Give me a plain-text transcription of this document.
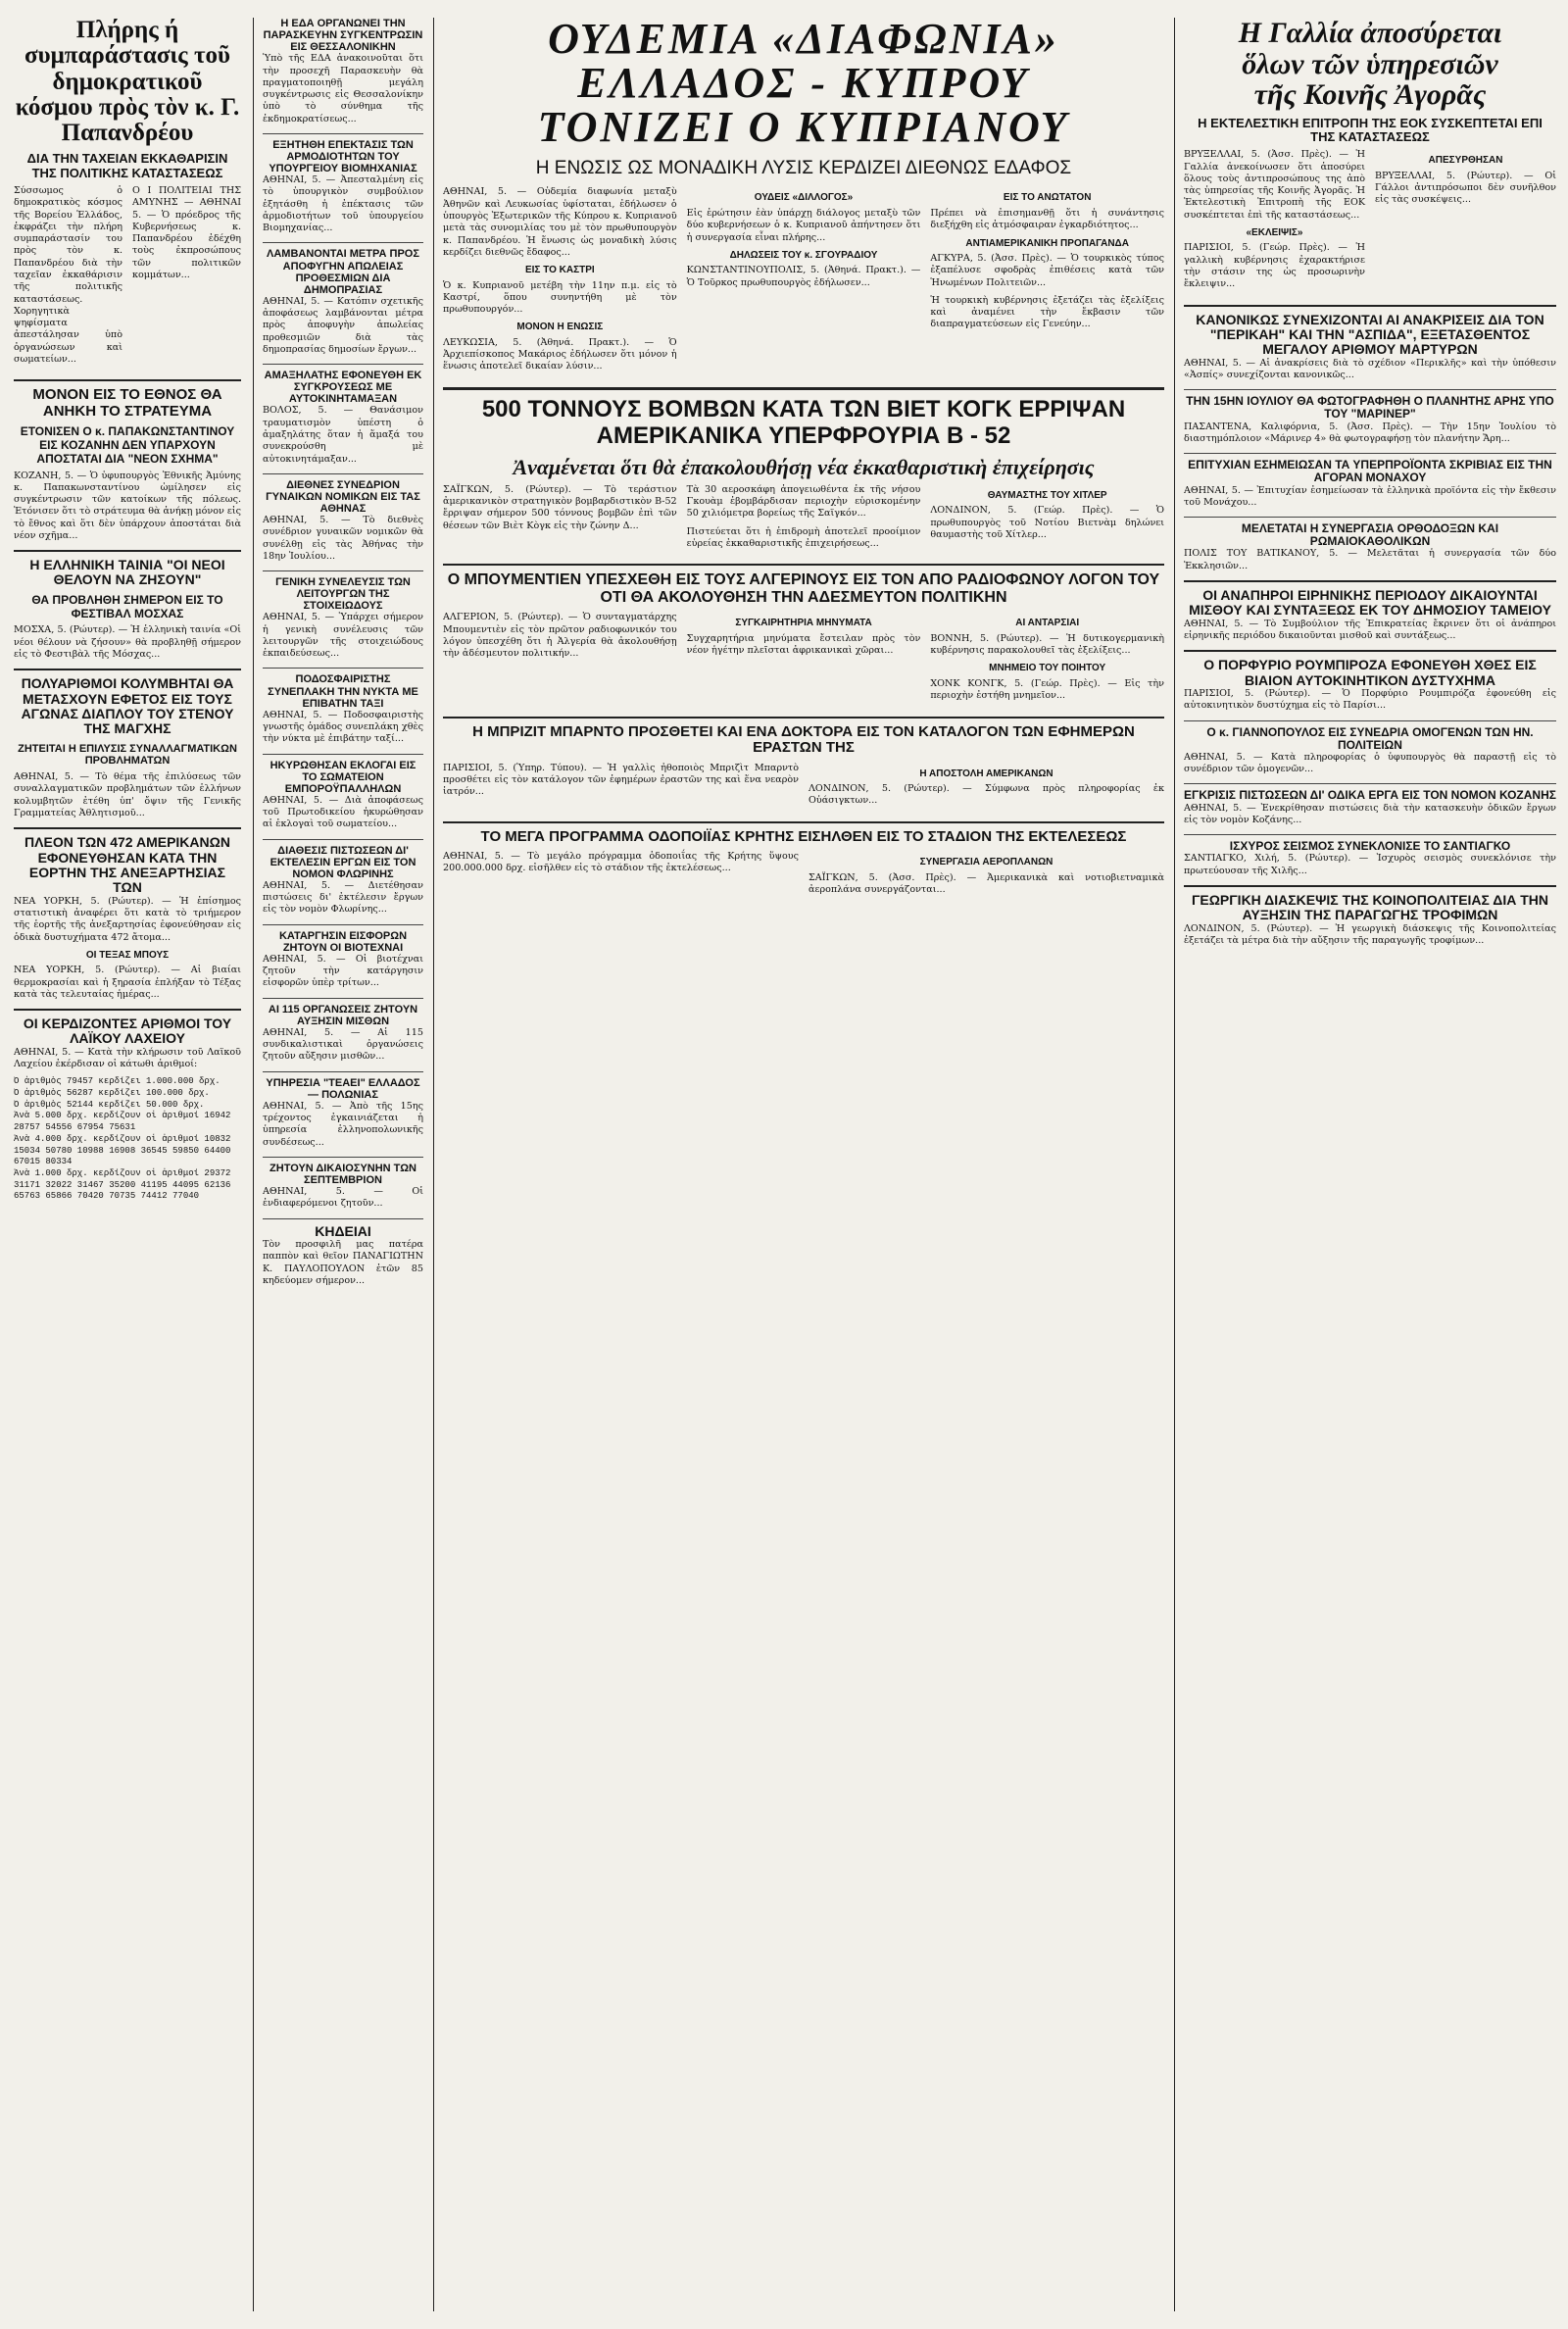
Πλήρης ή συμπαράστασις τοῦ δημοκρατικοῦ κόσμου πρὸς τὸν κ. Γ. Παπανδρέου

ΔΙΑ ΤΗΝ ΤΑΧΕΙΑΝ ΕΚΚΑΘΑΡΙΣΙΝ ΤΗΣ ΠΟΛΙΤΙΚΗΣ ΚΑΤΑΣΤΑΣΕΩΣ

Σύσσωμος ὁ δημοκρατικὸς κόσμος τῆς Βορείου Ἑλλάδος, ἐκφράζει τὴν πλήρη συμπαράστασίν του πρὸς τὸν κ. Παπανδρέου διὰ τὴν ταχεῖαν ἐκκαθάρισιν τῆς πολιτικῆς καταστάσεως. Χορηγητικὰ ψηφίσματα ἀπεστάλησαν ὑπὸ ὀργανώσεων καὶ σωματείων...

Ο Ι ΠΟΛΙΤΕΙΑΙ ΤΗΣ ΑΜΥΝΗΣ — ΑΘΗΝΑΙ 5. — Ὁ πρόεδρος τῆς Κυβερνήσεως κ. Παπανδρέου ἐδέχθη τοὺς ἐκπροσώπους τῶν πολιτικῶν κομμάτων...

ΜΟΝΟΝ ΕΙΣ ΤΟ ΕΘΝΟΣ ΘΑ ΑΝΗΚΗ ΤΟ ΣΤΡΑΤΕΥΜΑ

ΕΤΟΝΙΣΕΝ Ο κ. ΠΑΠΑΚΩΝΣΤΑΝΤΙΝΟΥ ΕΙΣ ΚΟΖΑΝΗΝ ΔΕΝ ΥΠΑΡΧΟΥΝ ΑΠΟΣΤΑΤΑΙ ΔΙΑ "ΝΕΟΝ ΣΧΗΜΑ"

ΚΟΖΑΝΗ, 5. — Ὁ ὑφυπουργὸς Ἐθνικῆς Ἀμύνης κ. Παπακωνσταντίνου ὡμίλησεν εἰς συγκέντρωσιν τῶν κατοίκων τῆς πόλεως. Ἐτόνισεν ὅτι τὸ στράτευμα θὰ ἀνήκῃ μόνον εἰς τὸ ἔθνος καὶ ὅτι δὲν ὑπάρχουν ἀποστάται διὰ νέον σχῆμα...

Η ΕΛΛΗΝΙΚΗ ΤΑΙΝΙΑ "ΟΙ ΝΕΟΙ ΘΕΛΟΥΝ ΝΑ ΖΗΣΟΥΝ"

ΘΑ ΠΡΟΒΛΗΘΗ ΣΗΜΕΡΟΝ ΕΙΣ ΤΟ ΦΕΣΤΙΒΑΛ ΜΟΣΧΑΣ

ΜΟΣΧΑ, 5. (Ρώυτερ). — Ἡ ἑλληνικὴ ταινία «Οἱ νέοι θέλουν νὰ ζήσουν» θὰ προβληθῇ σήμερον εἰς τὸ Φεστιβὰλ τῆς Μόσχας...

ΠΟΛΥΑΡΙΘΜΟΙ ΚΟΛΥΜΒΗΤΑΙ ΘΑ ΜΕΤΑΣΧΟΥΝ ΕΦΕΤΟΣ ΕΙΣ ΤΟΥΣ ΑΓΩΝΑΣ ΔΙΑΠΛΟΥ ΤΟΥ ΣΤΕΝΟΥ ΤΗΣ ΜΑΓΧΗΣ

ΖΗΤΕΙΤΑΙ Η ΕΠΙΛΥΣΙΣ ΣΥΝΑΛΛΑΓΜΑΤΙΚΩΝ ΠΡΟΒΛΗΜΑΤΩΝ

ΑΘΗΝΑΙ, 5. — Τὸ θέμα τῆς ἐπιλύσεως τῶν συναλλαγματικῶν προβλημάτων τῶν ἑλλήνων κολυμβητῶν ἐτέθη ὑπ' ὄψιν τῆς Γενικῆς Γραμματείας Ἀθλητισμοῦ...

ΠΛΕΟΝ ΤΩΝ 472 ΑΜΕΡΙΚΑΝΩΝ ΕΦΟΝΕΥΘΗΣΑΝ ΚΑΤΑ ΤΗΝ ΕΟΡΤΗΝ ΤΗΣ ΑΝΕΞΑΡΤΗΣΙΑΣ ΤΩΝ

ΝΕΑ ΥΟΡΚΗ, 5. (Ρώυτερ). — Ἡ ἐπίσημος στατιστικὴ ἀναφέρει ὅτι κατὰ τὸ τριήμερον τῆς ἑορτῆς τῆς ἀνεξαρτησίας ἐφονεύθησαν εἰς ὁδικὰ δυστυχήματα 472 ἄτομα...

ΟΙ ΤΕΞΑΣ ΜΠΟΥΣ

ΝΕΑ ΥΟΡΚΗ, 5. (Ρώυτερ). — Αἱ βιαίαι θερμοκρασίαι καὶ ἡ ξηρασία ἐπλήξαν τὸ Τέξας κατὰ τὰς τελευταίας ἡμέρας...

ΟΙ ΚΕΡΔΙΖΟΝΤΕΣ ΑΡΙΘΜΟΙ ΤΟΥ ΛΑΪΚΟΥ ΛΑΧΕΙΟΥ

ΑΘΗΝΑΙ, 5. — Κατὰ τὴν κλήρωσιν τοῦ Λαϊκοῦ Λαχείου ἐκέρδισαν οἱ κάτωθι ἀριθμοί:

Ὁ ἀριθμὸς 79457 κερδίζει 1.000.000 δρχ.

Ὁ ἀριθμὸς 56287 κερδίζει 100.000 δρχ.

Ὁ ἀριθμὸς 52144 κερδίζει 50.000 δρχ.

Ἀνὰ 5.000 δρχ. κερδίζουν οἱ ἀριθμοί 16942 28757 54556 67954 75631

Ἀνὰ 4.000 δρχ. κερδίζουν οἱ ἀριθμοί 10832 15034 50780 10988 16908 36545 59850 64400 67015 80334

Ἀνὰ 1.000 δρχ. κερδίζουν οἱ ἀριθμοί 29372 31171 32022 31467 35200 41195 44095 62136 65763 65866 70420 70735 74412 77040

Η ΕΔΑ ΟΡΓΑΝΩΝΕΙ ΤΗΝ ΠΑΡΑΣΚΕΥΗΝ ΣΥΓΚΕΝΤΡΩΣΙΝ ΕΙΣ ΘΕΣΣΑΛΟΝΙΚΗΝ

Ὑπὸ τῆς ΕΔΑ ἀνακοινοῦται ὅτι τὴν προσεχῆ Παρασκευὴν θὰ πραγματοποιηθῇ μεγάλη συγκέντρωσις εἰς Θεσσαλονίκην ὑπὸ τὸ σύνθημα τῆς ἐκδημοκρατίσεως...

ΕΞΗΤΗΘΗ ΕΠΕΚΤΑΣΙΣ ΤΩΝ ΑΡΜΟΔΙΟΤΗΤΩΝ ΤΟΥ ΥΠΟΥΡΓΕΙΟΥ ΒΙΟΜΗΧΑΝΙΑΣ

ΑΘΗΝΑΙ, 5. — Ἀπεσταλμένη εἰς τὸ ὑπουργικὸν συμβούλιον ἐξητάσθη ἡ ἐπέκτασις τῶν ἁρμοδιοτήτων τοῦ ὑπουργείου Βιομηχανίας...

ΛΑΜΒΑΝΟΝΤΑΙ ΜΕΤΡΑ ΠΡΟΣ ΑΠΟΦΥΓΗΝ ΑΠΩΛΕΙΑΣ ΠΡΟΘΕΣΜΙΩΝ ΔΙΑ ΔΗΜΟΠΡΑΣΙΑΣ

ΑΘΗΝΑΙ, 5. — Κατόπιν σχετικῆς ἀποφάσεως λαμβάνονται μέτρα πρὸς ἀποφυγὴν ἀπωλείας προθεσμιῶν διὰ τὰς δημοπρασίας δημοσίων ἔργων...

ΑΜΑΞΗΛΑΤΗΣ ΕΦΟΝΕΥΘΗ ΕΚ ΣΥΓΚΡΟΥΣΕΩΣ ΜΕ ΑΥΤΟΚΙΝΗΤΑΜΑΞΑΝ

ΒΟΛΟΣ, 5. — Θανάσιμον τραυματισμὸν ὑπέστη ὁ ἀμαξηλάτης ὅταν ἡ ἅμαξά του συνεκρούσθη μὲ αὐτοκινητάμαξαν...

ΔΙΕΘΝΕΣ ΣΥΝΕΔΡΙΟΝ ΓΥΝΑΙΚΩΝ ΝΟΜΙΚΩΝ ΕΙΣ ΤΑΣ ΑΘΗΝΑΣ

ΑΘΗΝΑΙ, 5. — Τὸ διεθνὲς συνέδριον γυναικῶν νομικῶν θὰ συνέλθῃ εἰς τὰς Ἀθήνας τὴν 18ην Ἰουλίου...

ΓΕΝΙΚΗ ΣΥΝΕΛΕΥΣΙΣ ΤΩΝ ΛΕΙΤΟΥΡΓΩΝ ΤΗΣ ΣΤΟΙΧΕΙΩΔΟΥΣ

ΑΘΗΝΑΙ, 5. — Ὑπάρχει σήμερον ἡ γενικὴ συνέλευσις τῶν λειτουργῶν τῆς στοιχειώδους ἐκπαιδεύσεως...

ΠΟΔΟΣΦΑΙΡΙΣΤΗΣ ΣΥΝΕΠΛΑΚΗ ΤΗΝ ΝΥΚΤΑ ΜΕ ΕΠΙΒΑΤΗΝ ΤΑΞΙ

ΑΘΗΝΑΙ, 5. — Ποδοσφαιριστὴς γνωστῆς ὁμάδος συνεπλάκη χθὲς τὴν νύκτα μὲ ἐπιβάτην ταξί...

ΗΚΥΡΩΘΗΣΑΝ ΕΚΛΟΓΑΙ ΕΙΣ ΤΟ ΣΩΜΑΤΕΙΟΝ ΕΜΠΟΡΟΫΠΑΛΛΗΛΩΝ

ΑΘΗΝΑΙ, 5. — Διὰ ἀποφάσεως τοῦ Πρωτοδικείου ἠκυρώθησαν αἱ ἐκλογαὶ τοῦ σωματείου...

ΔΙΑΘΕΣΙΣ ΠΙΣΤΩΣΕΩΝ ΔΙ' ΕΚΤΕΛΕΣΙΝ ΕΡΓΩΝ ΕΙΣ ΤΟΝ ΝΟΜΟΝ ΦΛΩΡΙΝΗΣ

ΑΘΗΝΑΙ, 5. — Διετέθησαν πιστώσεις δι' ἐκτέλεσιν ἔργων εἰς τὸν νομὸν Φλωρίνης...

ΚΑΤΑΡΓΗΣΙΝ ΕΙΣΦΟΡΩΝ ΖΗΤΟΥΝ ΟΙ ΒΙΟΤΕΧΝΑΙ

ΑΘΗΝΑΙ, 5. — Οἱ βιοτέχναι ζητοῦν τὴν κατάργησιν εἰσφορῶν ὑπὲρ τρίτων...

ΑΙ 115 ΟΡΓΑΝΩΣΕΙΣ ΖΗΤΟΥΝ ΑΥΞΗΣΙΝ ΜΙΣΘΩΝ

ΑΘΗΝΑΙ, 5. — Αἱ 115 συνδικαλιστικαὶ ὀργανώσεις ζητοῦν αὔξησιν μισθῶν...

ΥΠΗΡΕΣΙΑ "ΤΕΑΕΙ" ΕΛΛΑΔΟΣ — ΠΟΛΩΝΙΑΣ

ΑΘΗΝΑΙ, 5. — Ἀπὸ τῆς 15ης τρέχοντος ἐγκαινιάζεται ἡ ὑπηρεσία ἑλληνοπολωνικῆς συνδέσεως...

ΖΗΤΟΥΝ ΔΙΚΑΙΟΣΥΝΗΝ ΤΩΝ ΣΕΠΤΕΜΒΡΙΟΝ

ΑΘΗΝΑΙ, 5. — Οἱ ἐνδιαφερόμενοι ζητοῦν...

ΚΗΔΕΙΑΙ

Τὸν προσφιλῆ μας πατέρα παππὸν καὶ θεῖον ΠΑΝΑΓΙΩΤΗΝ Κ. ΠΑΥΛΟΠΟΥΛΟΝ ἐτῶν 85 κηδεύομεν σήμερον...

ΟΥΔΕΜΙΑ «ΔΙΑΦΩΝΙΑ»
ΕΛΛΑΔΟΣ - ΚΥΠΡΟΥ
ΤΟΝΙΖΕΙ Ο ΚΥΠΡΙΑΝΟΥ

Η ΕΝΩΣΙΣ ΩΣ ΜΟΝΑΔΙΚΗ ΛΥΣΙΣ ΚΕΡΔΙΖΕΙ ΔΙΕΘΝΩΣ ΕΔΑΦΟΣ

ΑΘΗΝΑΙ, 5. — Οὐδεμία διαφωνία μεταξὺ Ἀθηνῶν καὶ Λευκωσίας ὑφίσταται, ἐδήλωσεν ὁ ὑπουργὸς Ἐξωτερικῶν τῆς Κύπρου κ. Κυπριανοῦ μετὰ τὰς συνομιλίας του μὲ τὸν πρωθυπουργὸν κ. Παπανδρέου. Ἡ ἕνωσις ὡς μοναδικὴ λύσις κερδίζει διεθνῶς ἔδαφος...

ΕΙΣ ΤΟ ΚΑΣΤΡΙ

Ὁ κ. Κυπριανοῦ μετέβη τὴν 11ην π.μ. εἰς τὸ Καστρί, ὅπου συνηντήθη μὲ τὸν πρωθυπουργόν...

ΜΟΝΟΝ Η ΕΝΩΣΙΣ

ΛΕΥΚΩΣΙΑ, 5. (Ἀθηνά. Πρακτ.). — Ὁ Ἀρχιεπίσκοπος Μακάριος ἐδήλωσεν ὅτι μόνον ἡ ἕνωσις ἀποτελεῖ δικαίαν λύσιν...

ΟΥΔΕΙΣ «ΔΙΛΛΟΓΟΣ»

Εἰς ἐρώτησιν ἐὰν ὑπάρχῃ διάλογος μεταξὺ τῶν δύο κυβερνήσεων ὁ κ. Κυπριανοῦ ἀπήντησεν ὅτι ἡ συνεργασία εἶναι πλήρης...

ΔΗΛΩΣΕΙΣ ΤΟΥ κ. ΣΓΟΥΡΑΔΙΟΥ

ΚΩΝΣΤΑΝΤΙΝΟΥΠΟΛΙΣ, 5. (Ἀθηνά. Πρακτ.). — Ὁ Τοῦρκος πρωθυπουργὸς ἐδήλωσεν...

ΕΙΣ ΤΟ ΑΝΩΤΑΤΟΝ

Πρέπει νὰ ἐπισημανθῇ ὅτι ἡ συνάντησις διεξήχθη εἰς ἀτμόσφαιραν ἐγκαρδιότητος...

ΑΝΤΙΑΜΕΡΙΚΑΝΙΚΗ ΠΡΟΠΑΓΑΝΔΑ

ΑΓΚΥΡΑ, 5. (Ἀσσ. Πρὲς). — Ὁ τουρκικὸς τύπος ἐξαπέλυσε σφοδρὰς ἐπιθέσεις κατὰ τῶν Ἡνωμένων Πολιτειῶν...

Ἡ τουρκικὴ κυβέρνησις ἐξετάζει τὰς ἐξελίξεις καὶ ἀναμένει τὴν ἔκβασιν τῶν διαπραγματεύσεων εἰς Γενεύην...

500 ΤΟΝΝΟΥΣ ΒΟΜΒΩΝ ΚΑΤΑ ΤΩΝ ΒΙΕΤ ΚΟΓΚ ΕΡΡΙΨΑΝ ΑΜΕΡΙΚΑΝΙΚΑ ΥΠΕΡΦΡΟΥΡΙΑ Β - 52

Ἀναμένεται ὅτι θὰ ἐπακολουθήσῃ νέα ἐκκαθαριστικὴ ἐπιχείρησις

ΣΑΪΓΚΩΝ, 5. (Ρώυτερ). — Τὸ τεράστιον ἀμερικανικὸν στρατηγικὸν βομβαρδιστικὸν Β-52 ἔρριψαν σήμερον 500 τόννους βομβῶν ἐπὶ τῶν θέσεων τῶν Βιὲτ Κὸγκ εἰς τὴν ζώνην Δ...

Τὰ 30 αεροσκάφη ἀπογειωθέντα ἐκ τῆς νήσου Γκουὰμ ἐβομβάρδισαν περιοχὴν εὑρισκομένην 50 χιλιόμετρα βορείως τῆς Σαϊγκόν...

Πιστεύεται ὅτι ἡ ἐπιδρομὴ ἀποτελεῖ προοίμιον εὐρείας ἐκκαθαριστικῆς ἐπιχειρήσεως...

ΘΑΥΜΑΣΤΗΣ ΤΟΥ ΧΙΤΛΕΡ

ΛΟΝΔΙΝΟΝ, 5. (Γεώρ. Πρὲς). — Ὁ πρωθυπουργὸς τοῦ Νοτίου Βιετνὰμ δηλώνει θαυμαστὴς τοῦ Χίτλερ...

Ο ΜΠΟΥΜΕΝΤΙΕΝ ΥΠΕΣΧΕΘΗ ΕΙΣ ΤΟΥΣ ΑΛΓΕΡΙΝΟΥΣ ΕΙΣ ΤΟΝ ΑΠΟ ΡΑΔΙΟΦΩΝΟΥ ΛΟΓΟΝ ΤΟΥ ΟΤΙ ΘΑ ΑΚΟΛΟΥΘΗΣΗ ΤΗΝ ΑΔΕΣΜΕΥΤΟΝ ΠΟΛΙΤΙΚΗΝ

ΑΛΓΕΡΙΟΝ, 5. (Ρώυτερ). — Ὁ συνταγματάρχης Μπουμεντιὲν εἰς τὸν πρῶτον ραδιοφωνικόν του λόγον ὑπεσχέθη ὅτι ἡ Ἀλγερία θὰ ἀκολουθήσῃ τὴν ἀδέσμευτον πολιτικήν...

ΣΥΓΚΑΙΡΗΤΗΡΙΑ ΜΗΝΥΜΑΤΑ

Συγχαρητήρια μηνύματα ἔστειλαν πρὸς τὸν νέον ἡγέτην πλεῖσται ἀφρικανικαὶ χῶραι...

ΑΙ ΑΝΤΑΡΣΙΑΙ

ΒΟΝΝΗ, 5. (Ρώυτερ). — Ἡ δυτικογερμανικὴ κυβέρνησις παρακολουθεῖ τὰς ἐξελίξεις...

ΜΝΗΜΕΙΟ ΤΟΥ ΠΟΙΗΤΟΥ

ΧΟΝΚ ΚΟΝΓΚ, 5. (Γεώρ. Πρὲς). — Εἰς τὴν περιοχὴν ἐστήθη μνημεῖον...

Η ΜΠΡΙΖΙΤ ΜΠΑΡΝΤΟ ΠΡΟΣΘΕΤΕΙ ΚΑΙ ΕΝΑ ΔΟΚΤΟΡΑ ΕΙΣ ΤΟΝ ΚΑΤΑΛΟΓΟΝ ΤΩΝ ΕΦΗΜΕΡΩΝ ΕΡΑΣΤΩΝ ΤΗΣ

ΠΑΡΙΣΙΟΙ, 5. (Ὑπηρ. Τύπου). — Ἡ γαλλὶς ἠθοποιὸς Μπριζὶτ Μπαρντὸ προσθέτει εἰς τὸν κατάλογον τῶν ἐφημέρων ἐραστῶν της καὶ ἕνα νεαρὸν ἰατρόν...

Η ΑΠΟΣΤΟΛΗ ΑΜΕΡΙΚΑΝΩΝ

ΛΟΝΔΙΝΟΝ, 5. (Ρώυτερ). — Σύμφωνα πρὸς πληροφορίας ἐκ Οὐάσιγκτων...

ΤΟ ΜΕΓΑ ΠΡΟΓΡΑΜΜΑ ΟΔΟΠΟΙΪΑΣ ΚΡΗΤΗΣ ΕΙΣΗΛΘΕΝ ΕΙΣ ΤΟ ΣΤΑΔΙΟΝ ΤΗΣ ΕΚΤΕΛΕΣΕΩΣ

ΑΘΗΝΑΙ, 5. — Τὸ μεγάλο πρόγραμμα ὁδοποιΐας τῆς Κρήτης ὕψους 200.000.000 δρχ. εἰσῆλθεν εἰς τὸ στάδιον τῆς ἐκτελέσεως...

ΣΥΝΕΡΓΑΣΙΑ ΑΕΡΟΠΛΑΝΩΝ

ΣΑΪΓΚΩΝ, 5. (Ἀσσ. Πρὲς). — Ἀμερικανικὰ καὶ νοτιοβιετναμικὰ ἀεροπλάνα συνεργάζονται...

Η Γαλλία ἀποσύρεται
ὅλων τῶν ὑπηρεσιῶν
τῆς Κοινῆς Ἀγορᾶς

Η ΕΚΤΕΛΕΣΤΙΚΗ ΕΠΙΤΡΟΠΗ ΤΗΣ ΕΟΚ ΣΥΣΚΕΠΤΕΤΑΙ ΕΠΙ ΤΗΣ ΚΑΤΑΣΤΑΣΕΩΣ

ΒΡΥΞΕΛΛΑΙ, 5. (Ἀσσ. Πρὲς). — Ἡ Γαλλία ἀνεκοίνωσεν ὅτι ἀποσύρει ὅλους τοὺς ἀντιπροσώπους της ἀπὸ τὰς ὑπηρεσίας τῆς Κοινῆς Ἀγορᾶς. Ἡ Ἐκτελεστικὴ Ἐπιτροπὴ τῆς ΕΟΚ συσκέπτεται ἐπὶ τῆς καταστάσεως...

«ΕΚΛΕΙΨΙΣ»

ΠΑΡΙΣΙΟΙ, 5. (Γεώρ. Πρὲς). — Ἡ γαλλικὴ κυβέρνησις ἐχαρακτήρισε τὴν στάσιν της ὡς προσωρινὴν ἔκλειψιν...

ΑΠΕΣΥΡΘΗΣΑΝ

ΒΡΥΞΕΛΛΑΙ, 5. (Ρώυτερ). — Οἱ Γάλλοι ἀντιπρόσωποι δὲν συνῆλθον εἰς τὰς συσκέψεις...

ΚΑΝΟΝΙΚΩΣ ΣΥΝΕΧΙΖΟΝΤΑΙ ΑΙ ΑΝΑΚΡΙΣΕΙΣ ΔΙΑ ΤΟΝ "ΠΕΡΙΚΑΗ" ΚΑΙ ΤΗΝ "ΑΣΠΙΔΑ", ΕΞΕΤΑΣΘΕΝΤΟΣ ΜΕΓΑΛΟΥ ΑΡΙΘΜΟΥ ΜΑΡΤΥΡΩΝ

ΑΘΗΝΑΙ, 5. — Αἱ ἀνακρίσεις διὰ τὸ σχέδιον «Περικλῆς» καὶ τὴν ὑπόθεσιν «Ἀσπίς» συνεχίζονται κανονικῶς...

ΤΗΝ 15ΗΝ ΙΟΥΛΙΟΥ ΘΑ ΦΩΤΟΓΡΑΦΗΘΗ Ο ΠΛΑΝΗΤΗΣ ΑΡΗΣ ΥΠΟ ΤΟΥ "ΜΑΡΙΝΕΡ"

ΠΑΣΑΝΤΕΝΑ, Καλιφόρνια, 5. (Ἀσσ. Πρὲς). — Τὴν 15ην Ἰουλίου τὸ διαστημόπλοιον «Μάρινερ 4» θὰ φωτογραφήσῃ τὸν πλανήτην Ἄρη...

ΕΠΙΤΥΧΙΑΝ ΕΣΗΜΕΙΩΣΑΝ ΤΑ ΥΠΕΡΠΡΟΪΟΝΤΑ ΣΚΡΙΒΙΑΣ ΕΙΣ ΤΗΝ ΑΓΟΡΑΝ ΜΟΝΑΧΟΥ

ΑΘΗΝΑΙ, 5. — Ἐπιτυχίαν ἐσημείωσαν τὰ ἑλληνικὰ προϊόντα εἰς τὴν ἔκθεσιν τοῦ Μονάχου...

ΜΕΛΕΤΑΤΑΙ Η ΣΥΝΕΡΓΑΣΙΑ ΟΡΘΟΔΟΞΩΝ ΚΑΙ ΡΩΜΑΙΟΚΑΘΟΛΙΚΩΝ

ΠΟΛΙΣ ΤΟΥ ΒΑΤΙΚΑΝΟΥ, 5. — Μελετᾶται ἡ συνεργασία τῶν δύο Ἐκκλησιῶν...

ΟΙ ΑΝΑΠΗΡΟΙ ΕΙΡΗΝΙΚΗΣ ΠΕΡΙΟΔΟΥ ΔΙΚΑΙΟΥΝΤΑΙ ΜΙΣΘΟΥ ΚΑΙ ΣΥΝΤΑΞΕΩΣ ΕΚ ΤΟΥ ΔΗΜΟΣΙΟΥ ΤΑΜΕΙΟΥ

ΑΘΗΝΑΙ, 5. — Τὸ Συμβούλιον τῆς Ἐπικρατείας ἔκρινεν ὅτι οἱ ἀνάπηροι εἰρηνικῆς περιόδου δικαιοῦνται μισθοῦ καὶ συντάξεως...

Ο ΠΟΡΦΥΡΙΟ ΡΟΥΜΠΙΡΟΖΑ ΕΦΟΝΕΥΘΗ ΧΘΕΣ ΕΙΣ ΒΙΑΙΟΝ ΑΥΤΟΚΙΝΗΤΙΚΟΝ ΔΥΣΤΥΧΗΜΑ

ΠΑΡΙΣΙΟΙ, 5. (Ρώυτερ). — Ὁ Πορφύριο Ρουμπιρόζα ἐφονεύθη εἰς αὐτοκινητικὸν δυστύχημα εἰς τὸ Παρίσι...

Ο κ. ΓΙΑΝΝΟΠΟΥΛΟΣ ΕΙΣ ΣΥΝΕΔΡΙΑ ΟΜΟΓΕΝΩΝ ΤΩΝ ΗΝ. ΠΟΛΙΤΕΙΩΝ

ΑΘΗΝΑΙ, 5. — Κατὰ πληροφορίας ὁ ὑφυπουργὸς θὰ παραστῇ εἰς τὸ συνέδριον τῶν ὁμογενῶν...

ΕΓΚΡΙΣΙΣ ΠΙΣΤΩΣΕΩΝ ΔΙ' ΟΔΙΚΑ ΕΡΓΑ ΕΙΣ ΤΟΝ ΝΟΜΟΝ ΚΟΖΑΝΗΣ

ΑΘΗΝΑΙ, 5. — Ἐνεκρίθησαν πιστώσεις διὰ τὴν κατασκευὴν ὁδικῶν ἔργων εἰς τὸν νομὸν Κοζάνης...

ΙΣΧΥΡΟΣ ΣΕΙΣΜΟΣ ΣΥΝΕΚΛΟΝΙΣΕ ΤΟ ΣΑΝΤΙΑΓΚΟ

ΣΑΝΤΙΑΓΚΟ, Χιλή, 5. (Ρώυτερ). — Ἰσχυρὸς σεισμὸς συνεκλόνισε τὴν πρωτεύουσαν τῆς Χιλῆς...

ΓΕΩΡΓΙΚΗ ΔΙΑΣΚΕΨΙΣ ΤΗΣ ΚΟΙΝΟΠΟΛΙΤΕΙΑΣ ΔΙΑ ΤΗΝ ΑΥΞΗΣΙΝ ΤΗΣ ΠΑΡΑΓΩΓΗΣ ΤΡΟΦΙΜΩΝ

ΛΟΝΔΙΝΟΝ, 5. (Ρώυτερ). — Ἡ γεωργικὴ διάσκεψις τῆς Κοινοπολιτείας ἐξετάζει τὰ μέτρα διὰ τὴν αὔξησιν τῆς παραγωγῆς τροφίμων...
